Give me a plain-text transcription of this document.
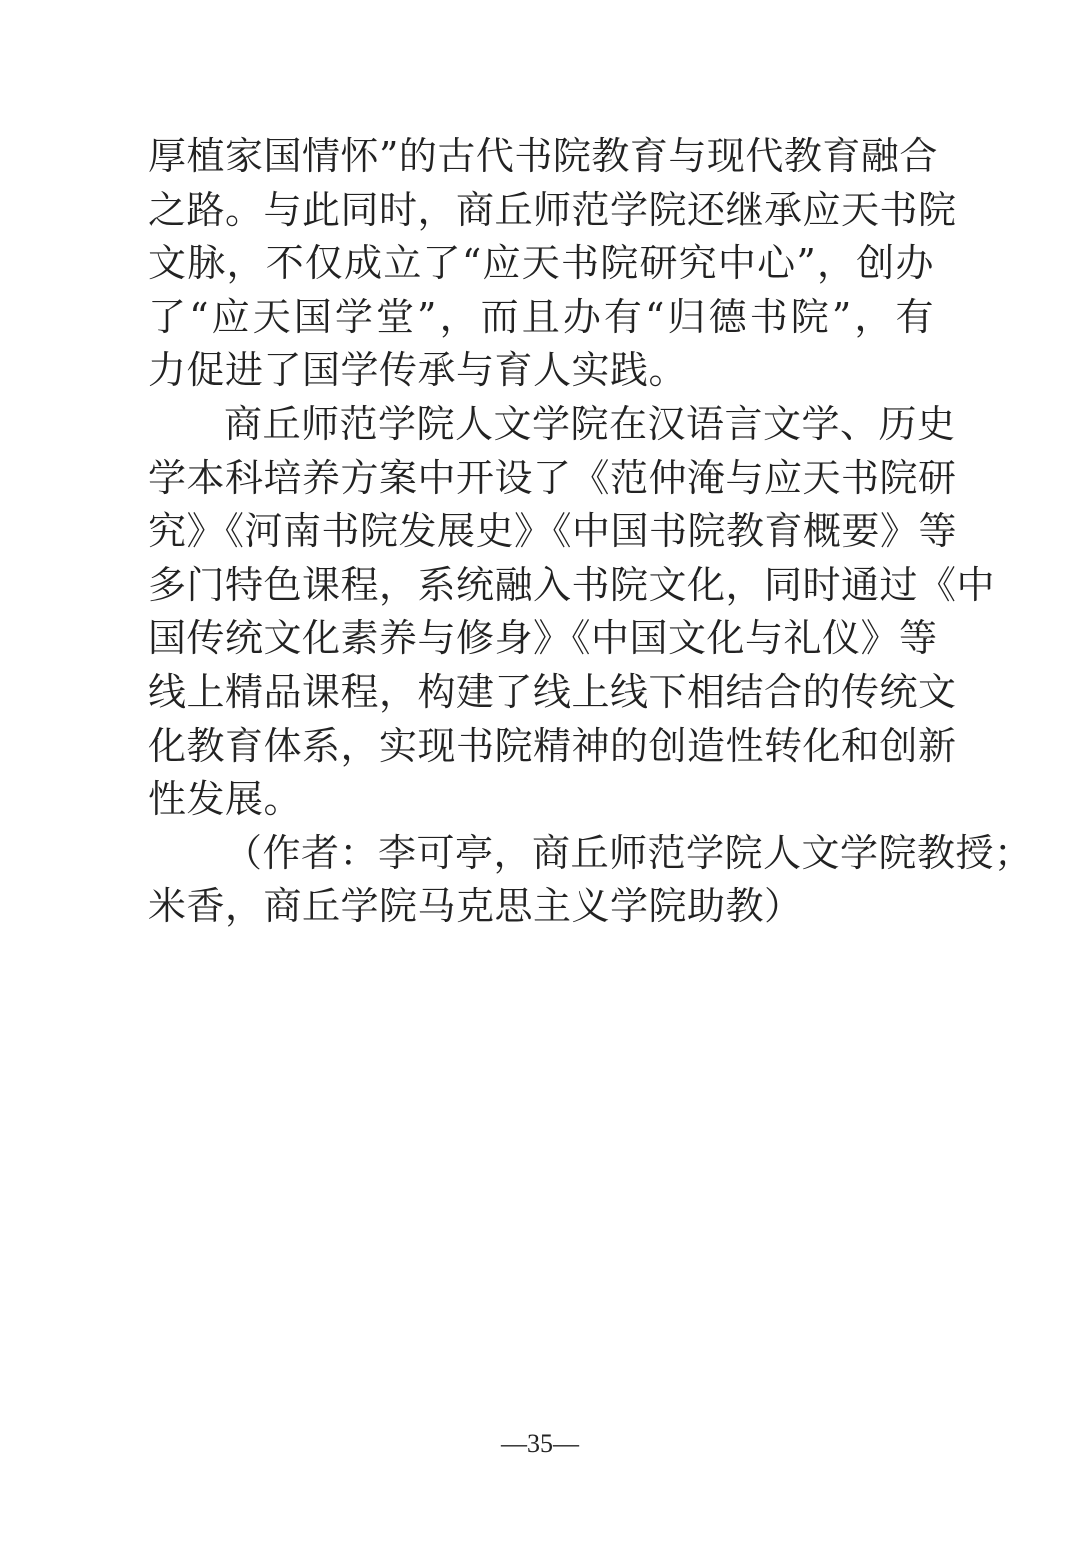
厚植家国情怀”的古代书院教育与现代教育融合
之路。与此同时，商丘师范学院还继承应天书院
文脉，不仅成立了“应天书院研究中心”，创办
了“应天国学堂”，而且办有“归德书院”，有
力促进了国学传承与育人实践。
商丘师范学院人文学院在汉语言文学、历史
学本科培养方案中开设了《范仲淹与应天书院研
究》《河南书院发展史》《中国书院教育概要》等
多门特色课程，系统融入书院文化，同时通过《中
国传统文化素养与修身》《中国文化与礼仪》等
线上精品课程，构建了线上线下相结合的传统文
化教育体系，实现书院精神的创造性转化和创新
性发展。
（作者：李可亭，商丘师范学院人文学院教授；
米香，商丘学院马克思主义学院助教）
—35—
